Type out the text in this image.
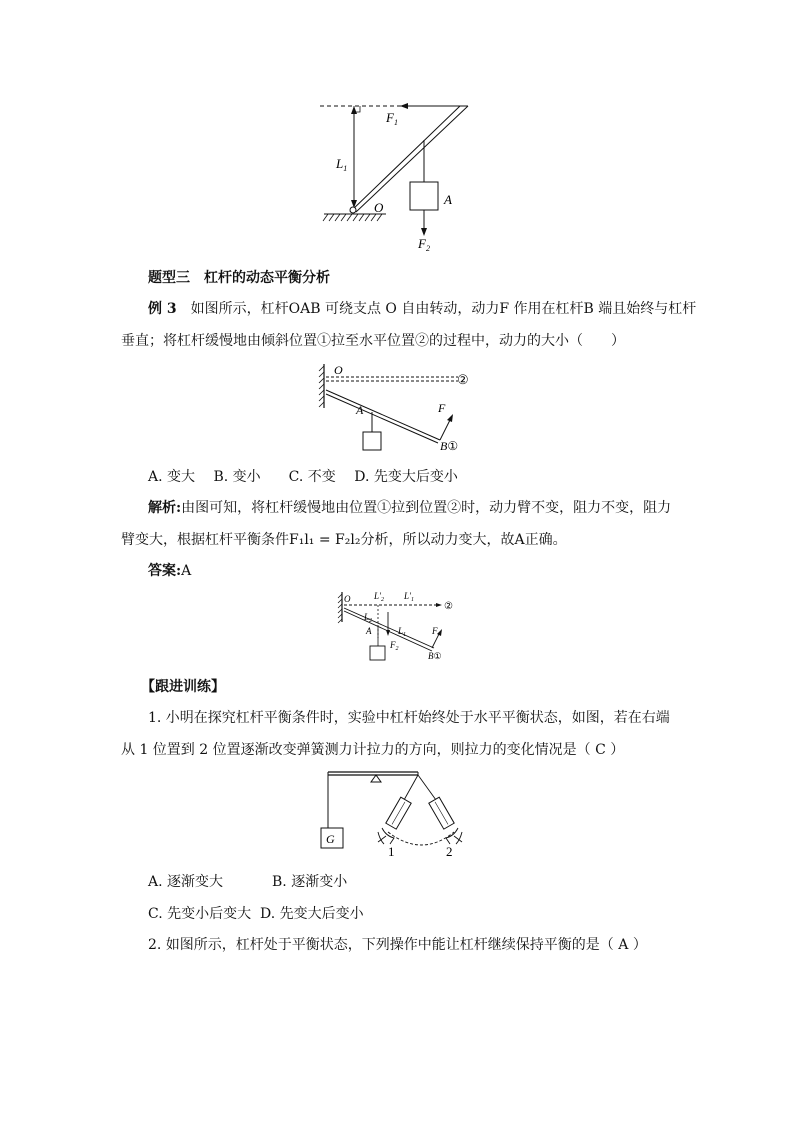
$F_1$
$L_1$
O
A
$F_2$
题型三　杠杆的动态平衡分析
例 3　 如图所示，杠杆OAB 可绕支点 O 自由转动，动力F 作用在杠杆B 端且始终与杠杆
垂直；将杠杆缓慢地由倾斜位置①拉至水平位置②的过程中，动力的大小（　　）
O
②
A	F
B①
A. 变大　 B. 变小　　C. 不变　 D. 先变大后变小
解析:由图可知，将杠杆缓慢地由位置①拉到位置②时，动力臂不变，阻力不变，阻力
臂变大，根据杠杆平衡条件F₁l₁ = F₂l₂分析，所以动力变大，故A正确。
答案:A
O	$L'_2$ $L'_1$
②
$L_2$
A	$L_1$
$F_2$
F
B①
【跟进训练】
1. 小明在探究杠杆平衡条件时，实验中杠杆始终处于水平平衡状态，如图，若在右端
从 1 位置到 2 位置逐渐改变弹簧测力计拉力的方向，则拉力的变化情况是（ C ）
G
1	2
A. 逐渐变大	B. 逐渐变小
C. 先变小后变大 D. 先变大后变小
2. 如图所示，杠杆处于平衡状态，下列操作中能让杠杆继续保持平衡的是（ A ）
